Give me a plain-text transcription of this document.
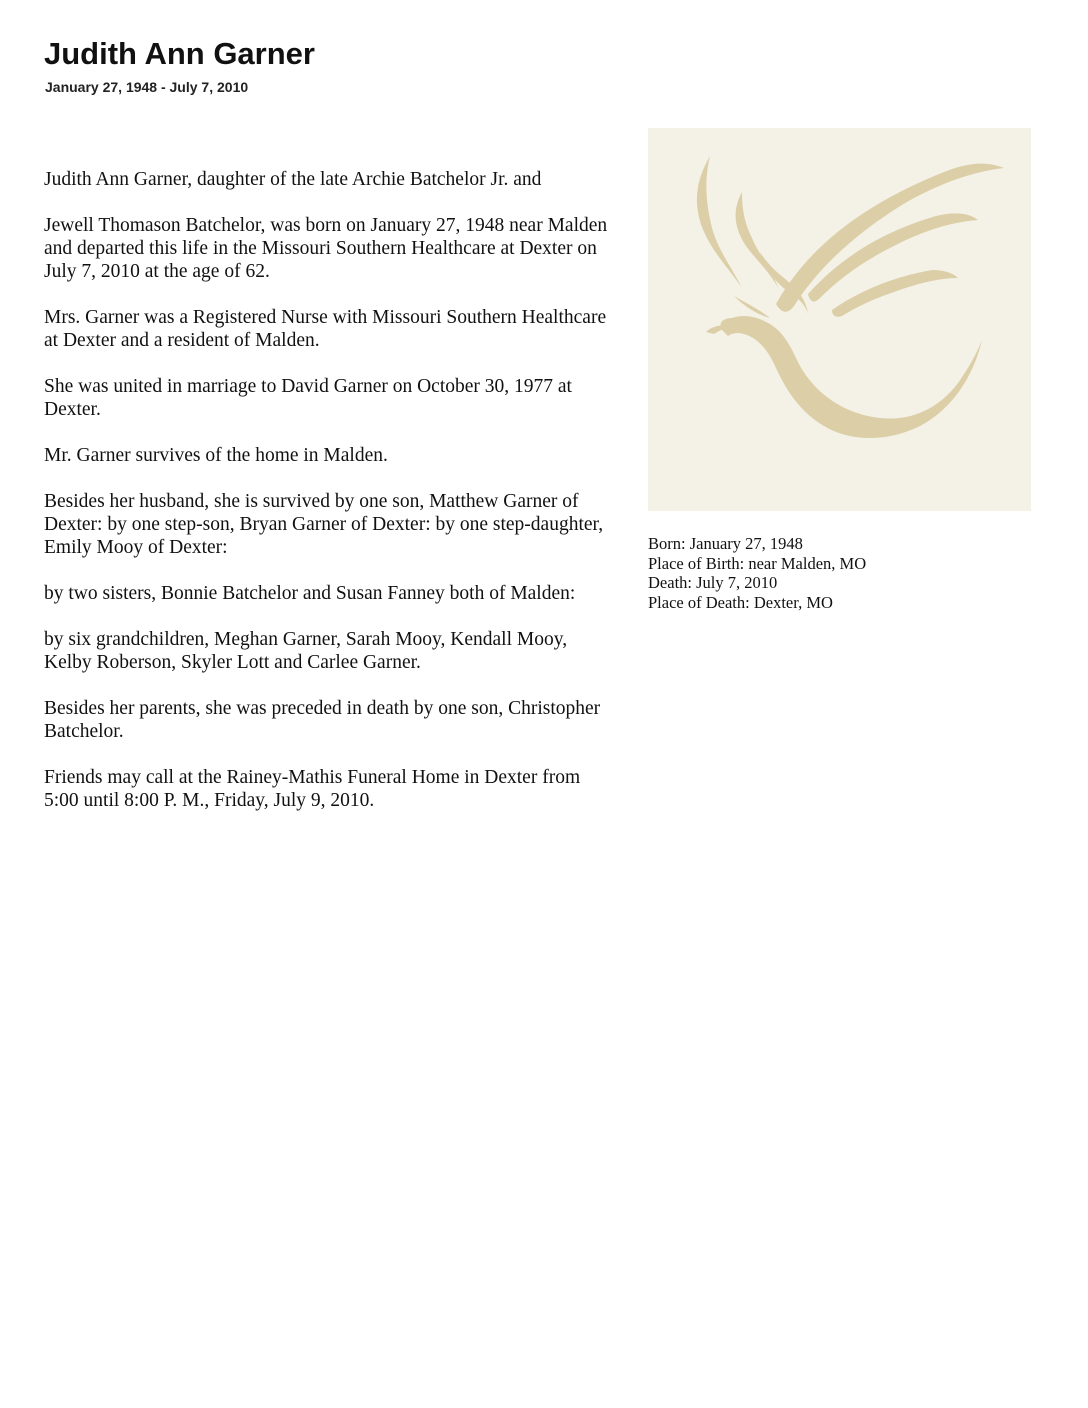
Judith Ann Garner
January 27, 1948 - July 7, 2010

Judith Ann Garner, daughter of the late Archie Batchelor Jr. and

Jewell Thomason Batchelor, was born on January 27, 1948 near Malden and departed this life in the Missouri Southern Healthcare at Dexter on July 7, 2010 at the age of 62.

Mrs. Garner was a Registered Nurse with Missouri Southern Healthcare at Dexter and a resident of Malden.

She was united in marriage to David Garner on October 30, 1977 at Dexter.

Mr. Garner survives of the home in Malden.

Besides her husband, she is survived by one son, Matthew Garner of Dexter: by one step-son, Bryan Garner of Dexter: by one step-daughter, Emily Mooy of Dexter:

by two sisters, Bonnie Batchelor and Susan Fanney both of Malden:

by six grandchildren, Meghan Garner, Sarah Mooy, Kendall Mooy, Kelby Roberson, Skyler Lott and Carlee Garner.

Besides her parents, she was preceded in death by one son, Christopher Batchelor.

Friends may call at the Rainey-Mathis Funeral Home in Dexter from 5:00 until 8:00 P. M., Friday, July 9, 2010.

Born: January 27, 1948
Place of Birth: near Malden, MO
Death: July 7, 2010
Place of Death: Dexter, MO
